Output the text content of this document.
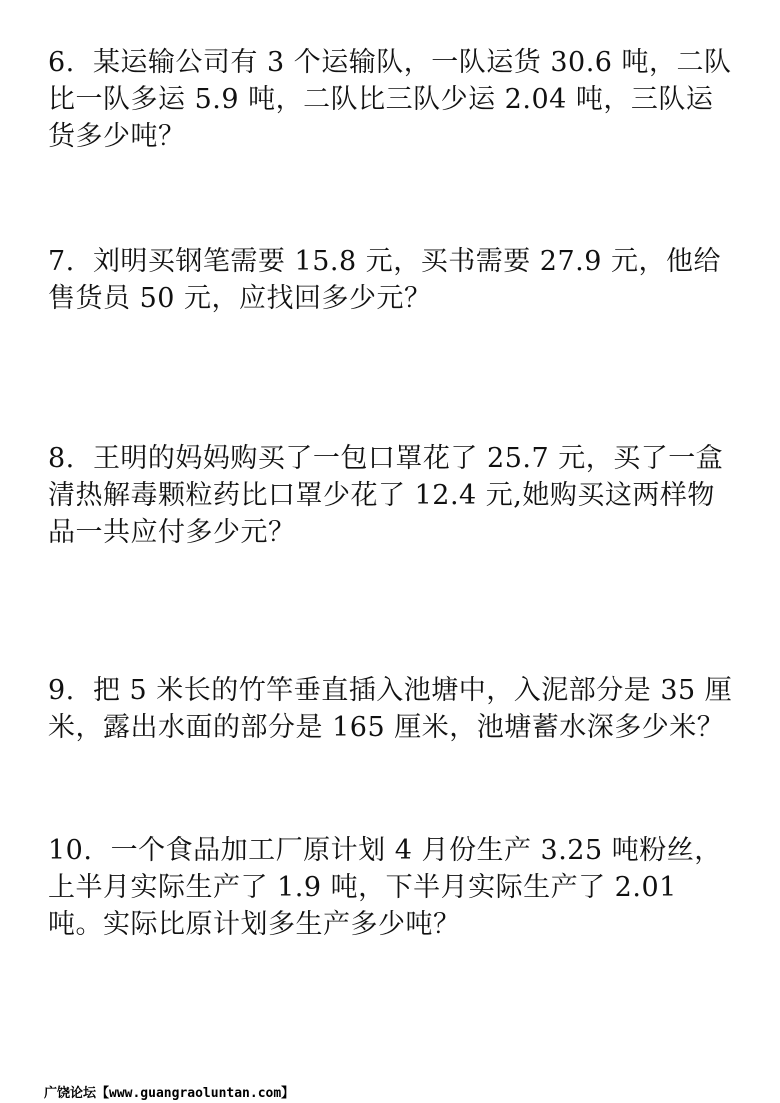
6. 某运输公司有 3 个运输队，一队运货 30.6 吨，二队比一队多运 5.9 吨，二队比三队少运 2.04 吨，三队运货多少吨？

7. 刘明买钢笔需要 15.8 元，买书需要 27.9 元，他给售货员 50 元，应找回多少元？

8. 王明的妈妈购买了一包口罩花了 25.7 元，买了一盒清热解毒颗粒药比口罩少花了 12.4 元,她购买这两样物品一共应付多少元？

9. 把 5 米长的竹竿垂直插入池塘中，入泥部分是 35 厘米，露出水面的部分是 165 厘米，池塘蓄水深多少米？

10. 一个食品加工厂原计划 4 月份生产 3.25 吨粉丝，上半月实际生产了 1.9 吨，下半月实际生产了 2.01 吨。实际比原计划多生产多少吨？

广饶论坛【www.guangraoluntan.com】
